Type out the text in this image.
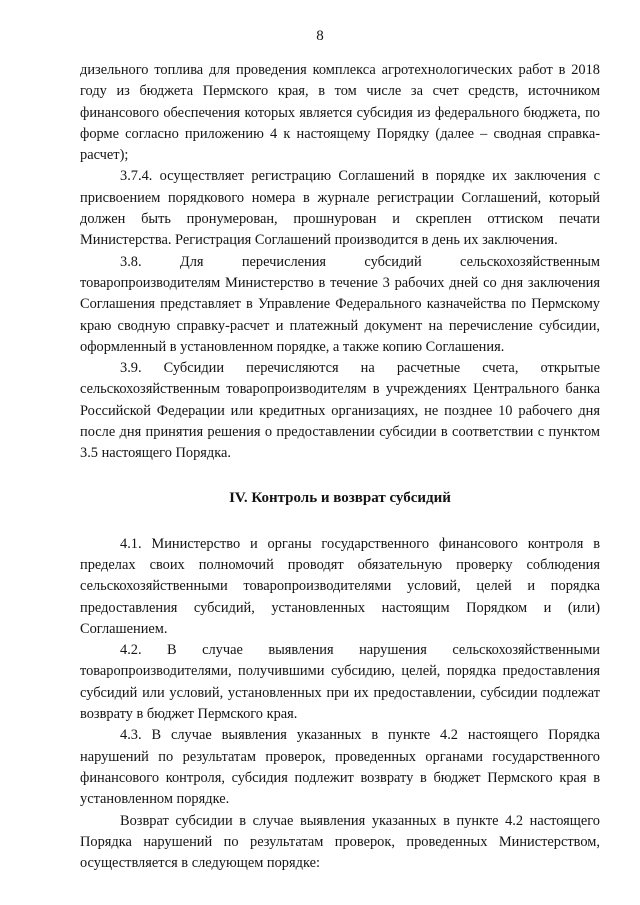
8

дизельного топлива для проведения комплекса агротехнологических работ в 2018 году из бюджета Пермского края, в том числе за счет средств, источником финансового обеспечения которых является субсидия из федерального бюджета, по форме согласно приложению 4 к настоящему Порядку (далее – сводная справка-расчет);

3.7.4. осуществляет регистрацию Соглашений в порядке их заключения с присвоением порядкового номера в журнале регистрации Соглашений, который должен быть пронумерован, прошнурован и скреплен оттиском печати Министерства. Регистрация Соглашений производится в день их заключения.

3.8. Для перечисления субсидий сельскохозяйственным товаропроизводителям Министерство в течение 3 рабочих дней со дня заключения Соглашения представляет в Управление Федерального казначейства по Пермскому краю сводную справку-расчет и платежный документ на перечисление субсидии, оформленный в установленном порядке, а также копию Соглашения.

3.9. Субсидии перечисляются на расчетные счета, открытые сельскохозяйственным товаропроизводителям в учреждениях Центрального банка Российской Федерации или кредитных организациях, не позднее 10 рабочего дня после дня принятия решения о предоставлении субсидии в соответствии с пунктом 3.5 настоящего Порядка.

IV. Контроль и возврат субсидий

4.1. Министерство и органы государственного финансового контроля в пределах своих полномочий проводят обязательную проверку соблюдения сельскохозяйственными товаропроизводителями условий, целей и порядка предоставления субсидий, установленных настоящим Порядком и (или) Соглашением.

4.2. В случае выявления нарушения сельскохозяйственными товаропроизводителями, получившими субсидию, целей, порядка предоставления субсидий или условий, установленных при их предоставлении, субсидии подлежат возврату в бюджет Пермского края.

4.3. В случае выявления указанных в пункте 4.2 настоящего Порядка нарушений по результатам проверок, проведенных органами государственного финансового контроля, субсидия подлежит возврату в бюджет Пермского края в установленном порядке.

Возврат субсидии в случае выявления указанных в пункте 4.2 настоящего Порядка нарушений по результатам проверок, проведенных Министерством, осуществляется в следующем порядке:
